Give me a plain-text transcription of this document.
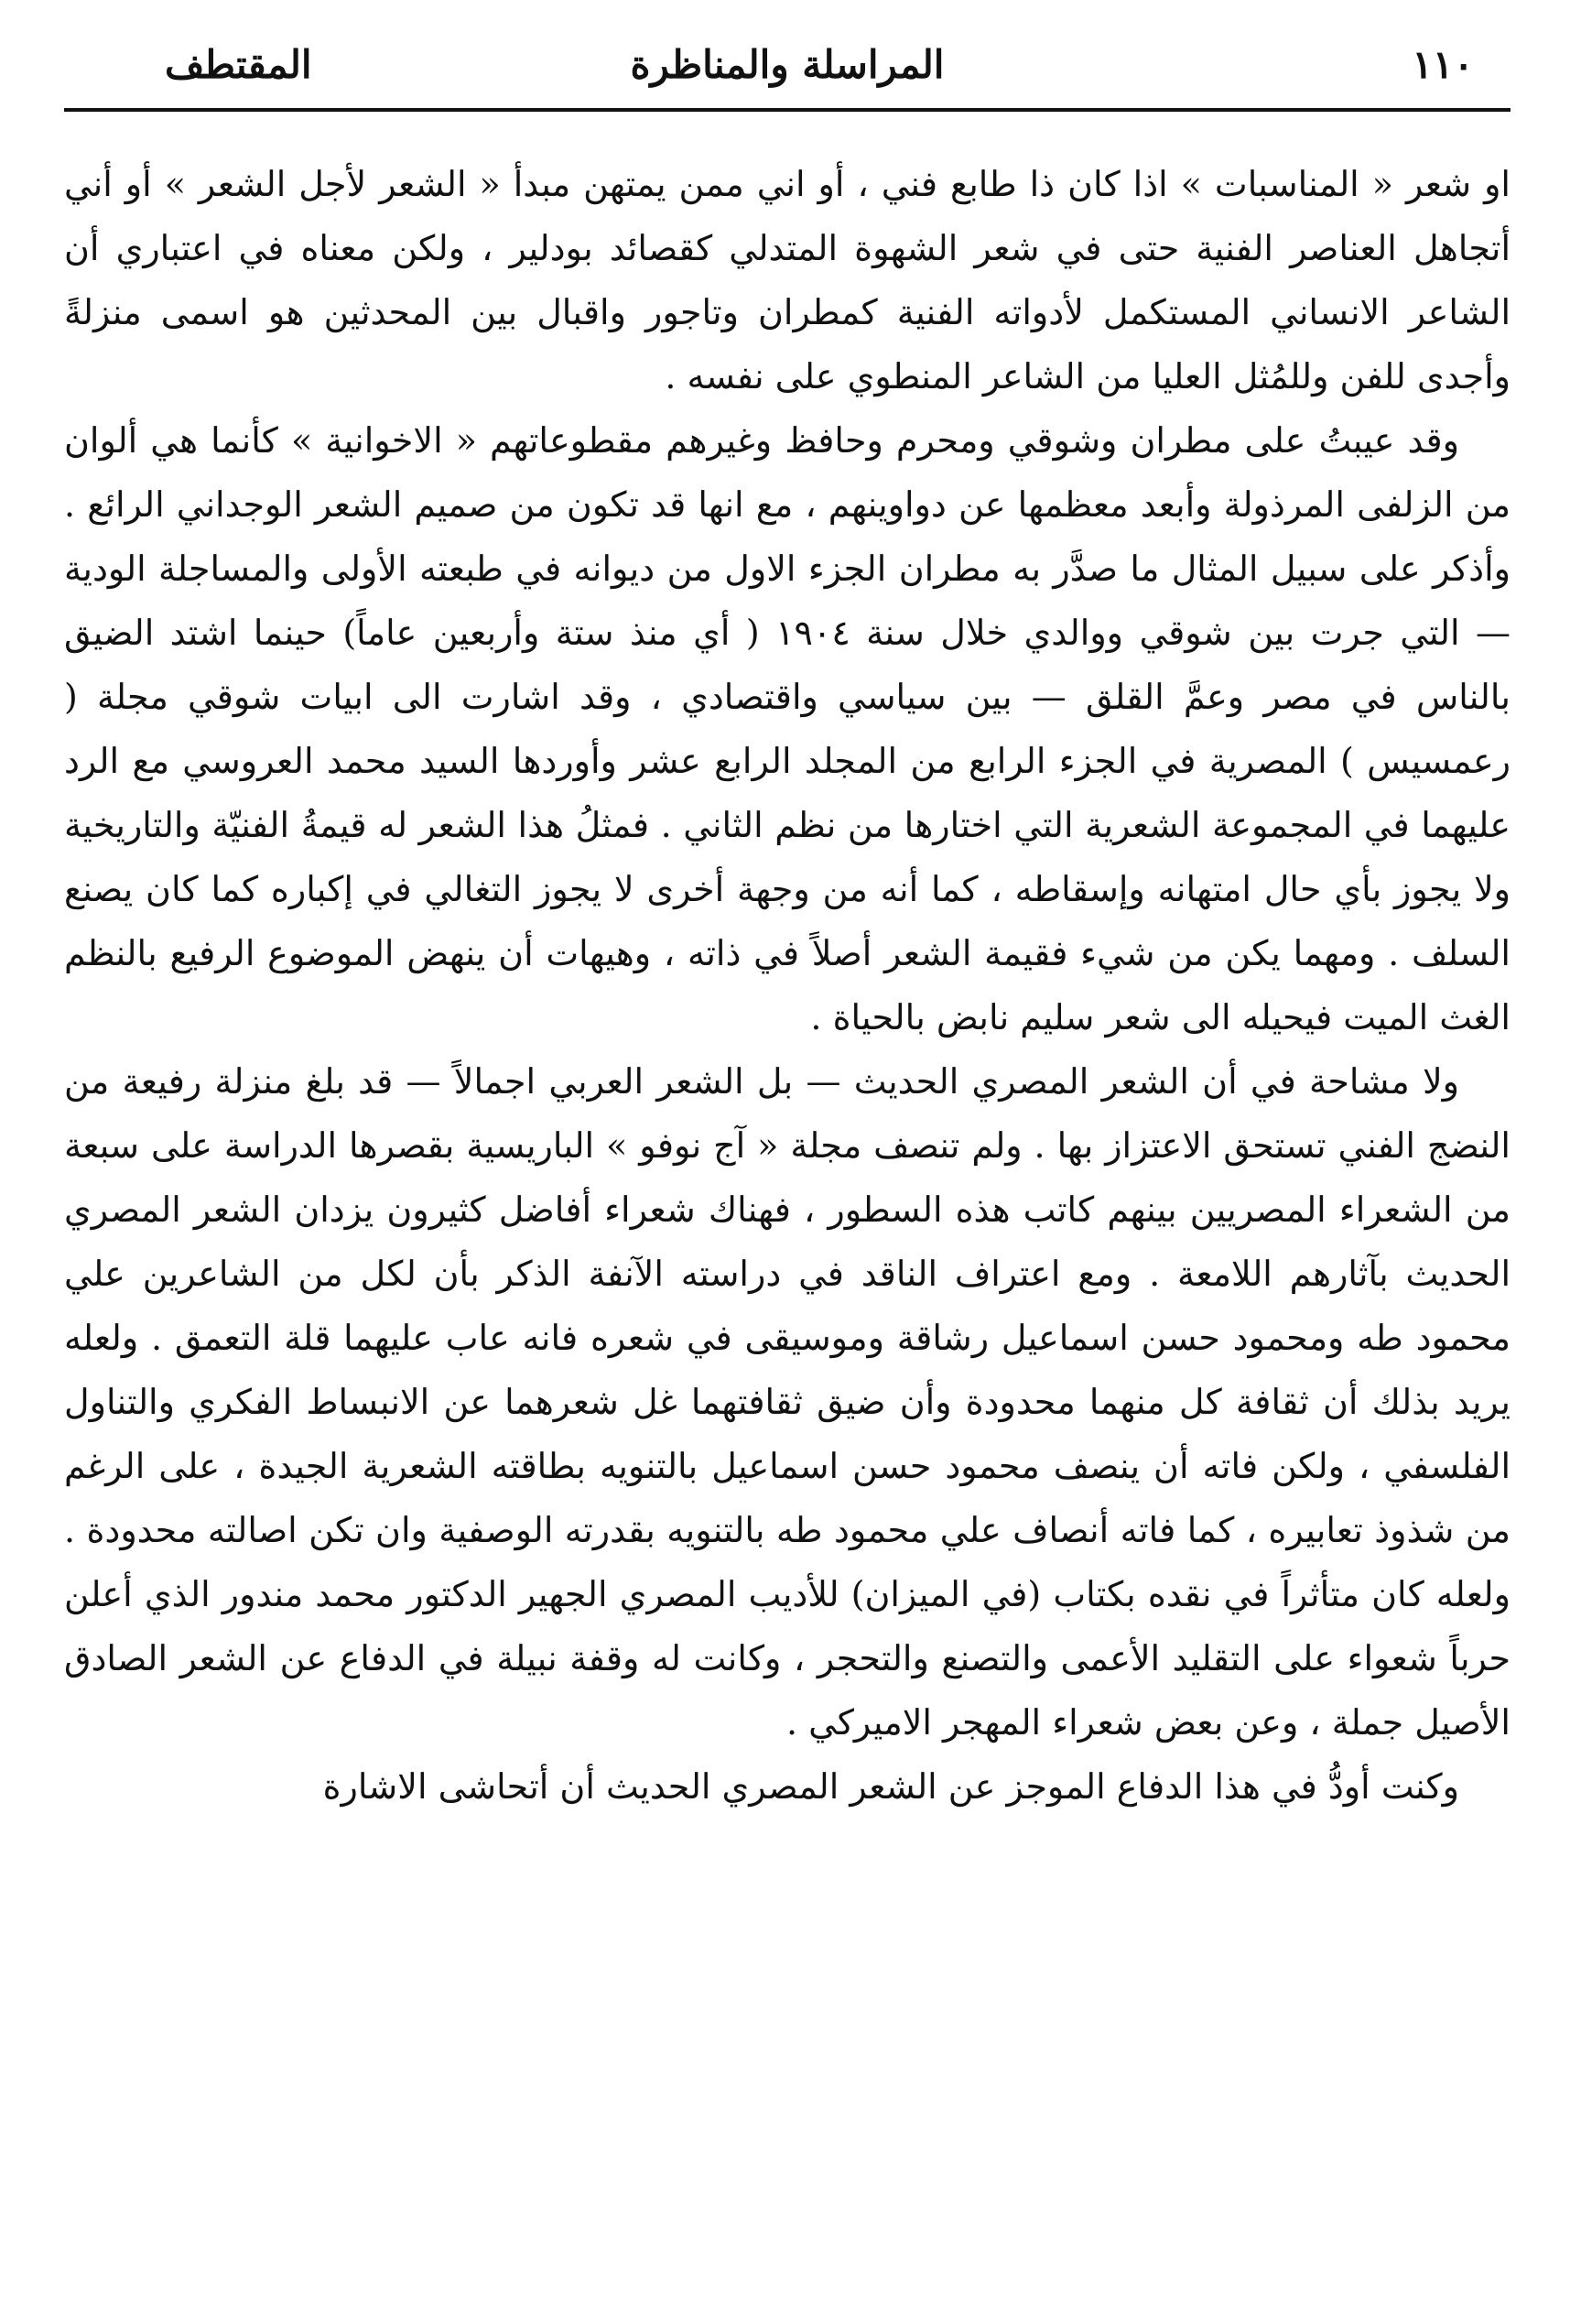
١١٠
المراسلة والمناظرة
المقتطف

او شعر « المناسبات » اذا كان ذا طابع فني ، أو اني ممن يمتهن مبدأ « الشعر لأجل الشعر » أو أني أتجاهل العناصر الفنية حتى في شعر الشهوة المتدلي كقصائد بودلير ، ولكن معناه في اعتباري أن الشاعر الانساني المستكمل لأدواته الفنية كمطران وتاجور واقبال بين المحدثين هو اسمى منزلةً وأجدى للفن وللمُثل العليا من الشاعر المنطوي على نفسه .

وقد عيبتُ على مطران وشوقي ومحرم وحافظ وغيرهم مقطوعاتهم « الاخوانية » كأنما هي ألوان من الزلفى المرذولة وأبعد معظمها عن دواوينهم ، مع انها قد تكون من صميم الشعر الوجداني الرائع . وأذكر على سبيل المثال ما صدَّر به مطران الجزء الاول من ديوانه في طبعته الأولى والمساجلة الودية — التي جرت بين شوقي ووالدي خلال سنة ١٩٠٤ ( أي منذ ستة وأربعين عاماً) حينما اشتد الضيق بالناس في مصر وعمَّ القلق — بين سياسي واقتصادي ، وقد اشارت الى ابيات شوقي مجلة ( رعمسيس ) المصرية في الجزء الرابع من المجلد الرابع عشر وأوردها السيد محمد العروسي مع الرد عليهما في المجموعة الشعرية التي اختارها من نظم الثاني . فمثلُ هذا الشعر له قيمةُ الفنيّة والتاريخية ولا يجوز بأي حال امتهانه وإسقاطه ، كما أنه من وجهة أخرى لا يجوز التغالي في إكباره كما كان يصنع السلف . ومهما يكن من شيء فقيمة الشعر أصلاً في ذاته ، وهيهات أن ينهض الموضوع الرفيع بالنظم الغث الميت فيحيله الى شعر سليم نابض بالحياة .

ولا مشاحة في أن الشعر المصري الحديث — بل الشعر العربي اجمالاً — قد بلغ منزلة رفيعة من النضج الفني تستحق الاعتزاز بها . ولم تنصف مجلة « آج نوفو » الباريسية بقصرها الدراسة على سبعة من الشعراء المصريين بينهم كاتب هذه السطور ، فهناك شعراء أفاضل كثيرون يزدان الشعر المصري الحديث بآثارهم اللامعة . ومع اعتراف الناقد في دراسته الآنفة الذكر بأن لكل من الشاعرين علي محمود طه ومحمود حسن اسماعيل رشاقة وموسيقى في شعره فانه عاب عليهما قلة التعمق . ولعله يريد بذلك أن ثقافة كل منهما محدودة وأن ضيق ثقافتهما غل شعرهما عن الانبساط الفكري والتناول الفلسفي ، ولكن فاته أن ينصف محمود حسن اسماعيل بالتنويه بطاقته الشعرية الجيدة ، على الرغم من شذوذ تعابيره ، كما فاته أنصاف علي محمود طه بالتنويه بقدرته الوصفية وان تكن اصالته محدودة . ولعله كان متأثراً في نقده بكتاب (في الميزان) للأديب المصري الجهير الدكتور محمد مندور الذي أعلن حرباً شعواء على التقليد الأعمى والتصنع والتحجر ، وكانت له وقفة نبيلة في الدفاع عن الشعر الصادق الأصيل جملة ، وعن بعض شعراء المهجر الاميركي .

وكنت أودُّ في هذا الدفاع الموجز عن الشعر المصري الحديث أن أتحاشى الاشارة
